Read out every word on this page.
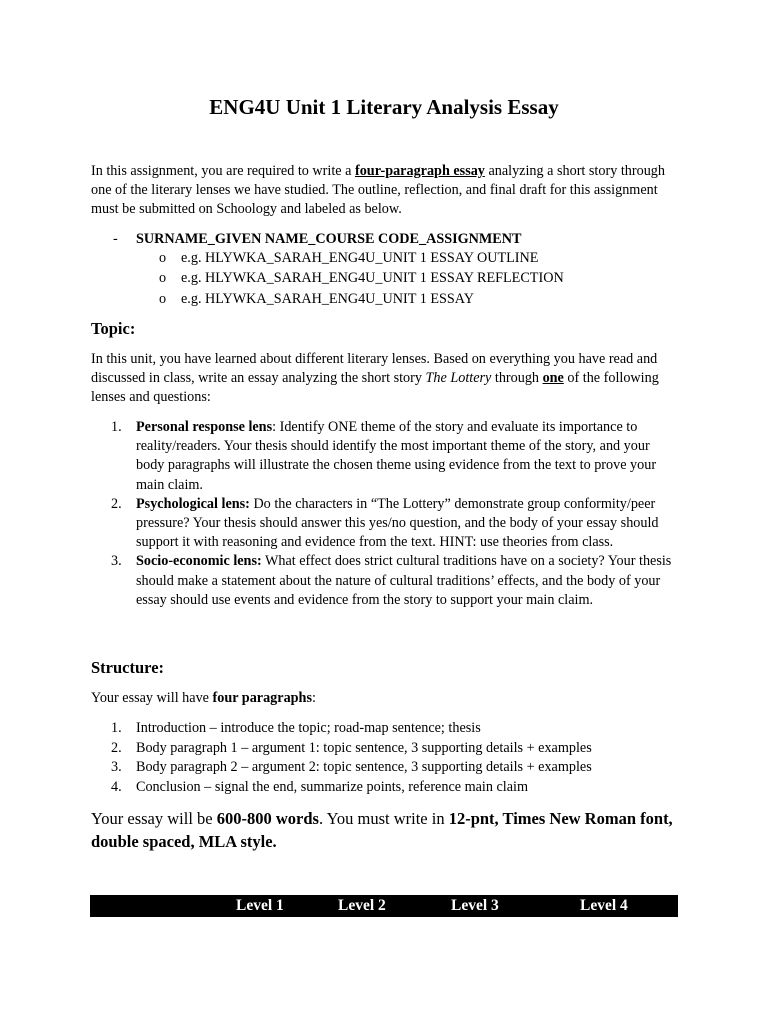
ENG4U Unit 1 Literary Analysis Essay

In this assignment, you are required to write a four-paragraph essay analyzing a short story through one of the literary lenses we have studied. The outline, reflection, and final draft for this assignment must be submitted on Schoology and labeled as below.

- SURNAME_GIVEN NAME_COURSE CODE_ASSIGNMENT
o e.g. HLYWKA_SARAH_ENG4U_UNIT 1 ESSAY OUTLINE
o e.g. HLYWKA_SARAH_ENG4U_UNIT 1 ESSAY REFLECTION
o e.g. HLYWKA_SARAH_ENG4U_UNIT 1 ESSAY
Topic:

In this unit, you have learned about different literary lenses. Based on everything you have read and discussed in class, write an essay analyzing the short story The Lottery through one of the following lenses and questions:

1. Personal response lens: Identify ONE theme of the story and evaluate its importance to reality/readers. Your thesis should identify the most important theme of the story, and your body paragraphs will illustrate the chosen theme using evidence from the text to prove your main claim.
2. Psychological lens: Do the characters in “The Lottery” demonstrate group conformity/peer pressure? Your thesis should answer this yes/no question, and the body of your essay should support it with reasoning and evidence from the text. HINT: use theories from class.
3. Socio-economic lens: What effect does strict cultural traditions have on a society? Your thesis should make a statement about the nature of cultural traditions’ effects, and the body of your essay should use events and evidence from the story to support your main claim.
Structure:

Your essay will have four paragraphs:

1. Introduction – introduce the topic; road-map sentence; thesis
2. Body paragraph 1 – argument 1: topic sentence, 3 supporting details + examples
3. Body paragraph 2 – argument 2: topic sentence, 3 supporting details + examples
4. Conclusion – signal the end, summarize points, reference main claim

Your essay will be 600-800 words. You must write in 12-pnt, Times New Roman font, double spaced, MLA style.

Level 1	Level 2	Level 3	Level 4
